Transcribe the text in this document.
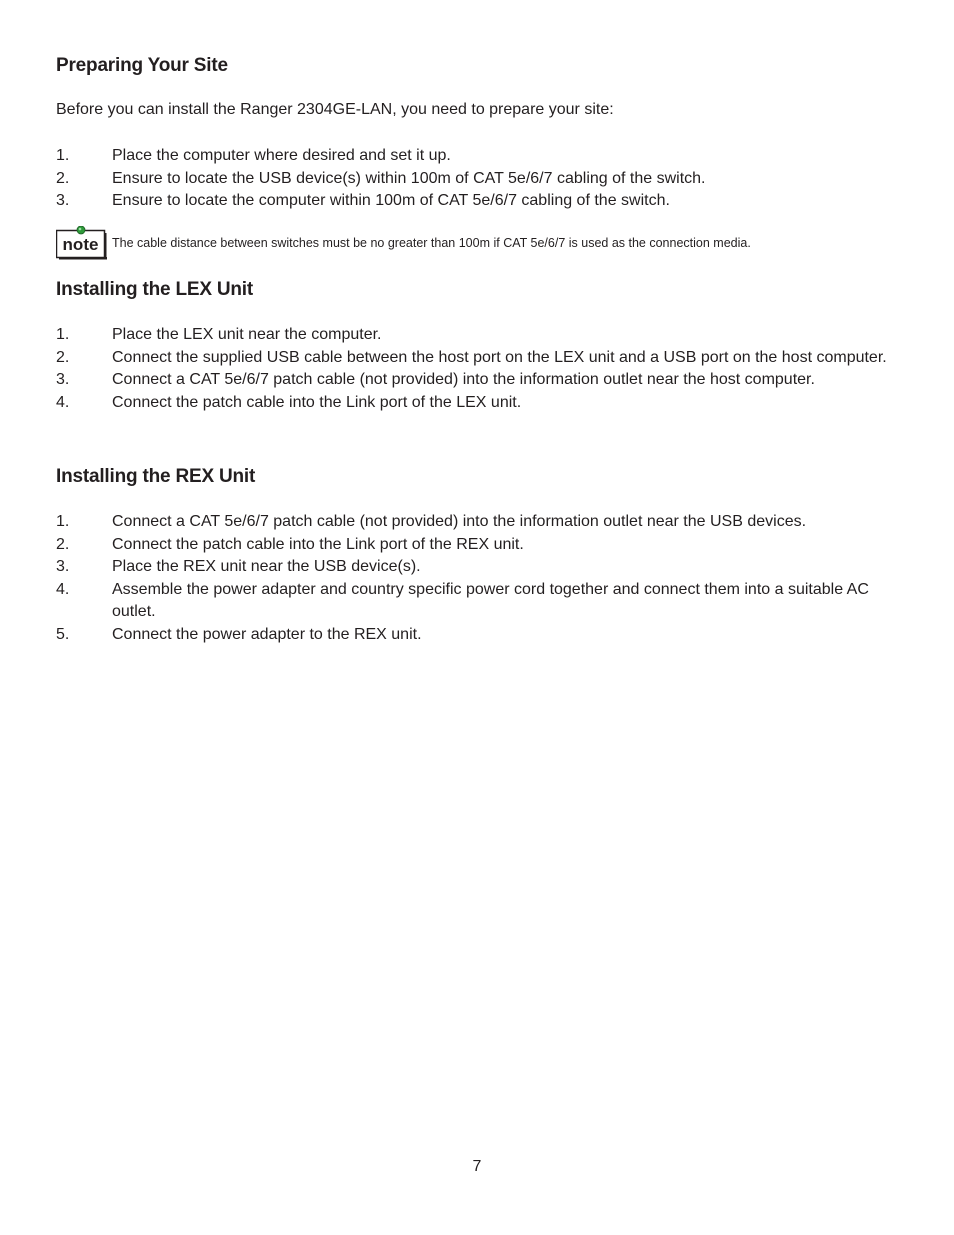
Preparing Your Site
Before you can install the Ranger 2304GE-LAN, you need to prepare your site:
1.	Place the computer where desired and set it up.
2.	Ensure to locate the USB device(s) within 100m of CAT 5e/6/7 cabling of the switch.
3.	Ensure to locate the computer within 100m of CAT 5e/6/7 cabling of the switch.
note The cable distance between switches must be no greater than 100m if CAT 5e/6/7 is used as the connection media.
Installing the LEX Unit
1.	Place the LEX unit near the computer.
2.	Connect the supplied USB cable between the host port on the LEX unit and a USB port on the host computer.
3.	Connect a CAT 5e/6/7 patch cable (not provided) into the information outlet near the host computer.
4.	Connect the patch cable into the Link port of the LEX unit.
Installing the REX Unit
1.	Connect a CAT 5e/6/7 patch cable (not provided) into the information outlet near the USB devices.
2.	Connect the patch cable into the Link port of the REX unit.
3.	Place the REX unit near the USB device(s).
4.	Assemble the power adapter and country specific power cord together and connect them into a suitable AC outlet.
5.	Connect the power adapter to the REX unit.
7
